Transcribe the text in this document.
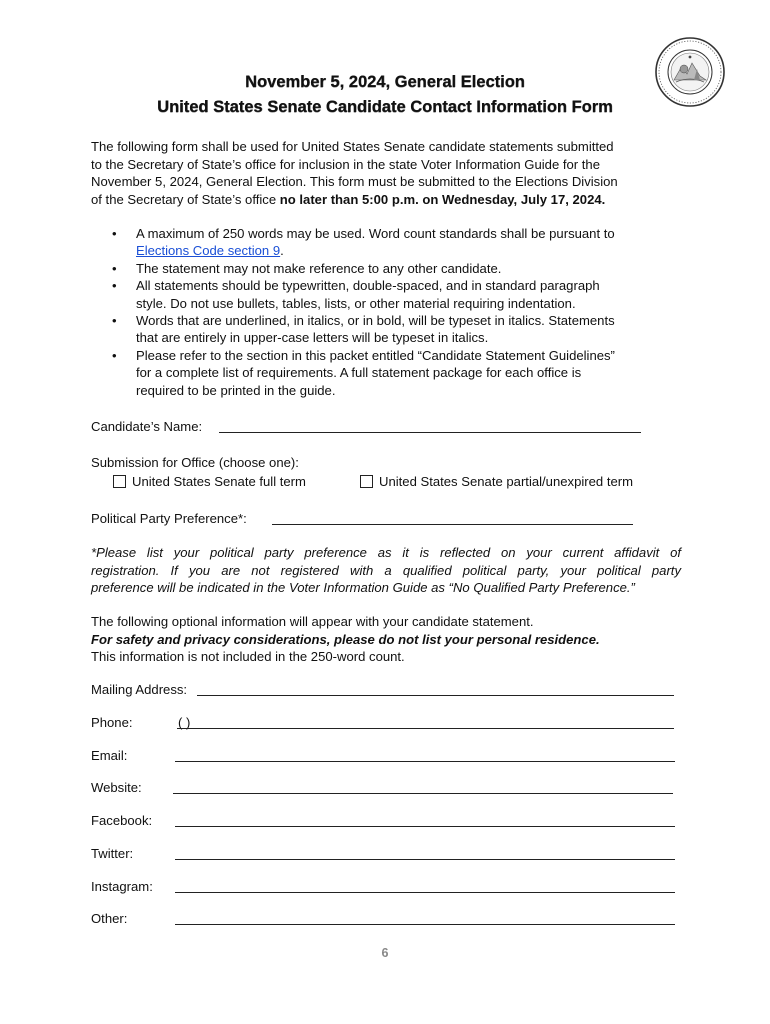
November 5, 2024, General Election
United States Senate Candidate Contact Information Form
The following form shall be used for United States Senate candidate statements submitted
to the Secretary of State’s office for inclusion in the state Voter Information Guide for the
November 5, 2024, General Election. This form must be submitted to the Elections Division
of the Secretary of State’s office no later than 5:00 p.m. on Wednesday, July 17, 2024.
• A maximum of 250 words may be used. Word count standards shall be pursuant to
Elections Code section 9.
• The statement may not make reference to any other candidate.
• All statements should be typewritten, double-spaced, and in standard paragraph
style. Do not use bullets, tables, lists, or other material requiring indentation.
• Words that are underlined, in italics, or in bold, will be typeset in italics. Statements
that are entirely in upper-case letters will be typeset in italics.
• Please refer to the section in this packet entitled “Candidate Statement Guidelines”
for a complete list of requirements. A full statement package for each office is
required to be printed in the guide.
Candidate’s Name:
Submission for Office (choose one):
United States Senate full term	United States Senate partial/unexpired term
Political Party Preference*:
*Please list your political party preference as it is reflected on your current affidavit of
registration. If you are not registered with a qualified political party, your political party
preference will be indicated in the Voter Information Guide as “No Qualified Party Preference.”
The following optional information will appear with your candidate statement.
For safety and privacy considerations, please do not list your personal residence.
This information is not included in the 250-word count.
Mailing Address:
Phone:	( )
Email:
Website:
Facebook:
Twitter:
Instagram:
Other:
6
